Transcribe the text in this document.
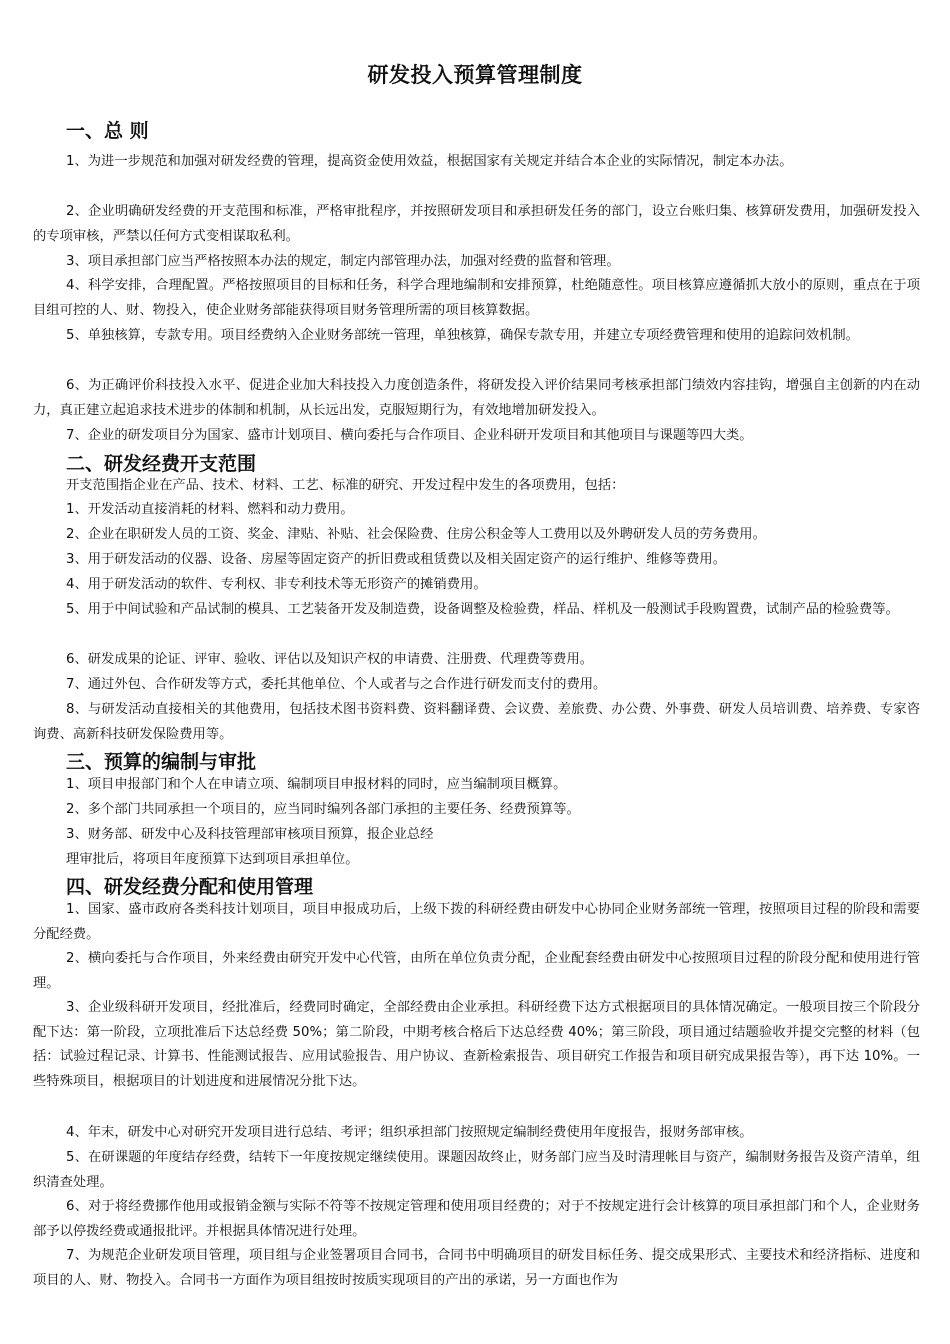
研发投入预算管理制度
一、总 则
1、为进一步规范和加强对研发经费的管理，提高资金使用效益，根据国家有关规定并结合本企业的实际情况，制定本办法。
2、企业明确研发经费的开支范围和标准，严格审批程序，并按照研发项目和承担研发任务的部门，设立台账归集、核算研发费用，加强研发投入的专项审核，严禁以任何方式变相谋取私利。
3、项目承担部门应当严格按照本办法的规定，制定内部管理办法，加强对经费的监督和管理。
4、科学安排，合理配置。严格按照项目的目标和任务，科学合理地编制和安排预算，杜绝随意性。项目核算应遵循抓大放小的原则，重点在于项目组可控的人、财、物投入，使企业财务部能获得项目财务管理所需的项目核算数据。
5、单独核算，专款专用。项目经费纳入企业财务部统一管理，单独核算，确保专款专用，并建立专项经费管理和使用的追踪问效机制。
6、为正确评价科技投入水平、促进企业加大科技投入力度创造条件，将研发投入评价结果同考核承担部门绩效内容挂钩，增强自主创新的内在动力，真正建立起追求技术进步的体制和机制，从长远出发，克服短期行为，有效地增加研发投入。
7、企业的研发项目分为国家、盛市计划项目、横向委托与合作项目、企业科研开发项目和其他项目与课题等四大类。
二、研发经费开支范围
开支范围指企业在产品、技术、材料、工艺、标准的研究、开发过程中发生的各项费用，包括：
1、开发活动直接消耗的材料、燃料和动力费用。
2、企业在职研发人员的工资、奖金、津贴、补贴、社会保险费、住房公积金等人工费用以及外聘研发人员的劳务费用。
3、用于研发活动的仪器、设备、房屋等固定资产的折旧费或租赁费以及相关固定资产的运行维护、维修等费用。
4、用于研发活动的软件、专利权、非专利技术等无形资产的摊销费用。
5、用于中间试验和产品试制的模具、工艺装备开发及制造费，设备调整及检验费，样品、样机及一般测试手段购置费，试制产品的检验费等。
6、研发成果的论证、评审、验收、评估以及知识产权的申请费、注册费、代理费等费用。
7、通过外包、合作研发等方式，委托其他单位、个人或者与之合作进行研发而支付的费用。
8、与研发活动直接相关的其他费用，包括技术图书资料费、资料翻译费、会议费、差旅费、办公费、外事费、研发人员培训费、培养费、专家咨询费、高新科技研发保险费用等。
三、预算的编制与审批
1、项目申报部门和个人在申请立项、编制项目申报材料的同时，应当编制项目概算。
2、多个部门共同承担一个项目的，应当同时编列各部门承担的主要任务、经费预算等。
3、财务部、研发中心及科技管理部审核项目预算，报企业总经
理审批后，将项目年度预算下达到项目承担单位。
四、研发经费分配和使用管理
1、国家、盛市政府各类科技计划项目，项目申报成功后，上级下拨的科研经费由研发中心协同企业财务部统一管理，按照项目过程的阶段和需要分配经费。
2、横向委托与合作项目，外来经费由研究开发中心代管，由所在单位负责分配，企业配套经费由研发中心按照项目过程的阶段分配和使用进行管理。
3、企业级科研开发项目，经批准后，经费同时确定，全部经费由企业承担。科研经费下达方式根据项目的具体情况确定。一般项目按三个阶段分配下达：第一阶段，立项批准后下达总经费 50%；第二阶段，中期考核合格后下达总经费 40%；第三阶段，项目通过结题验收并提交完整的材料（包括：试验过程记录、计算书、性能测试报告、应用试验报告、用户协议、查新检索报告、项目研究工作报告和项目研究成果报告等），再下达 10%。一些特殊项目，根据项目的计划进度和进展情况分批下达。
4、年末，研发中心对研究开发项目进行总结、考评；组织承担部门按照规定编制经费使用年度报告，报财务部审核。
5、在研课题的年度结存经费，结转下一年度按规定继续使用。课题因故终止，财务部门应当及时清理帐目与资产，编制财务报告及资产清单，组织清查处理。
6、对于将经费挪作他用或报销金额与实际不符等不按规定管理和使用项目经费的；对于不按规定进行会计核算的项目承担部门和个人，企业财务部予以停拨经费或通报批评。并根据具体情况进行处理。
7、为规范企业研发项目管理，项目组与企业签署项目合同书，合同书中明确项目的研发目标任务、提交成果形式、主要技术和经济指标、进度和项目的人、财、物投入。合同书一方面作为项目组按时按质实现项目的产出的承诺，另一方面也作为
